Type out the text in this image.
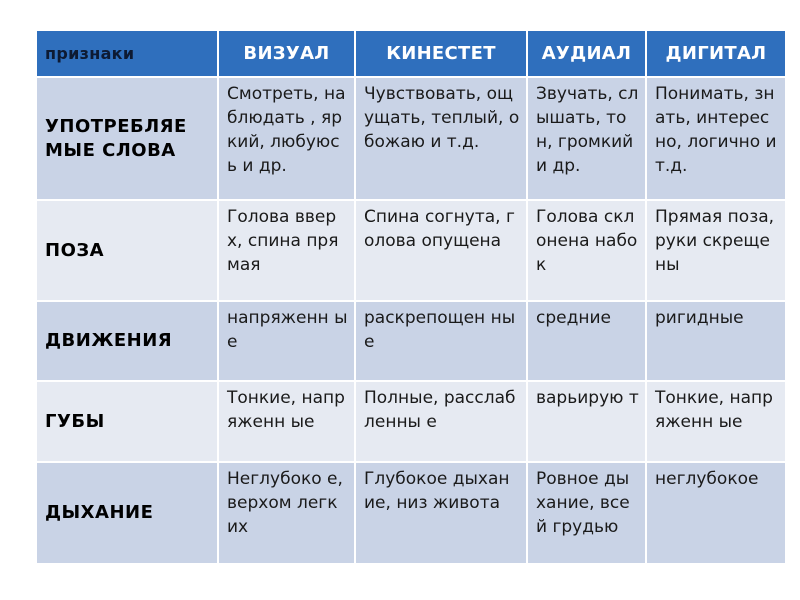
признаки	ВИЗУАЛ	КИНЕСТЕТ	АУДИАЛ	ДИГИТАЛ
УПОТРЕБЛЯЕ МЫЕ СЛОВА	Смотреть, наблюдать , яркий, любуюсь и др.	Чувствовать, ощущать, теплый, обожаю и т.д.	Звучать, слышать, тон, громкий и др.	Понимать, знать, интересно, логично и т.д.
ПОЗА	Голова вверх, спина прямая	Спина согнута, голова опущена	Голова склонена набок	Прямая поза, руки скрещены
ДВИЖЕНИЯ	напряженн ые	раскрепощен ные	средние	ригидные
ГУБЫ	Тонкие, напряженн ые	Полные, расслабленны е	варьирую т	Тонкие, напряженн ые
ДЫХАНИЕ	Неглубоко е, верхом легких	Глубокое дыхание, низ живота	Ровное дыхание, всей грудью	неглубокое
